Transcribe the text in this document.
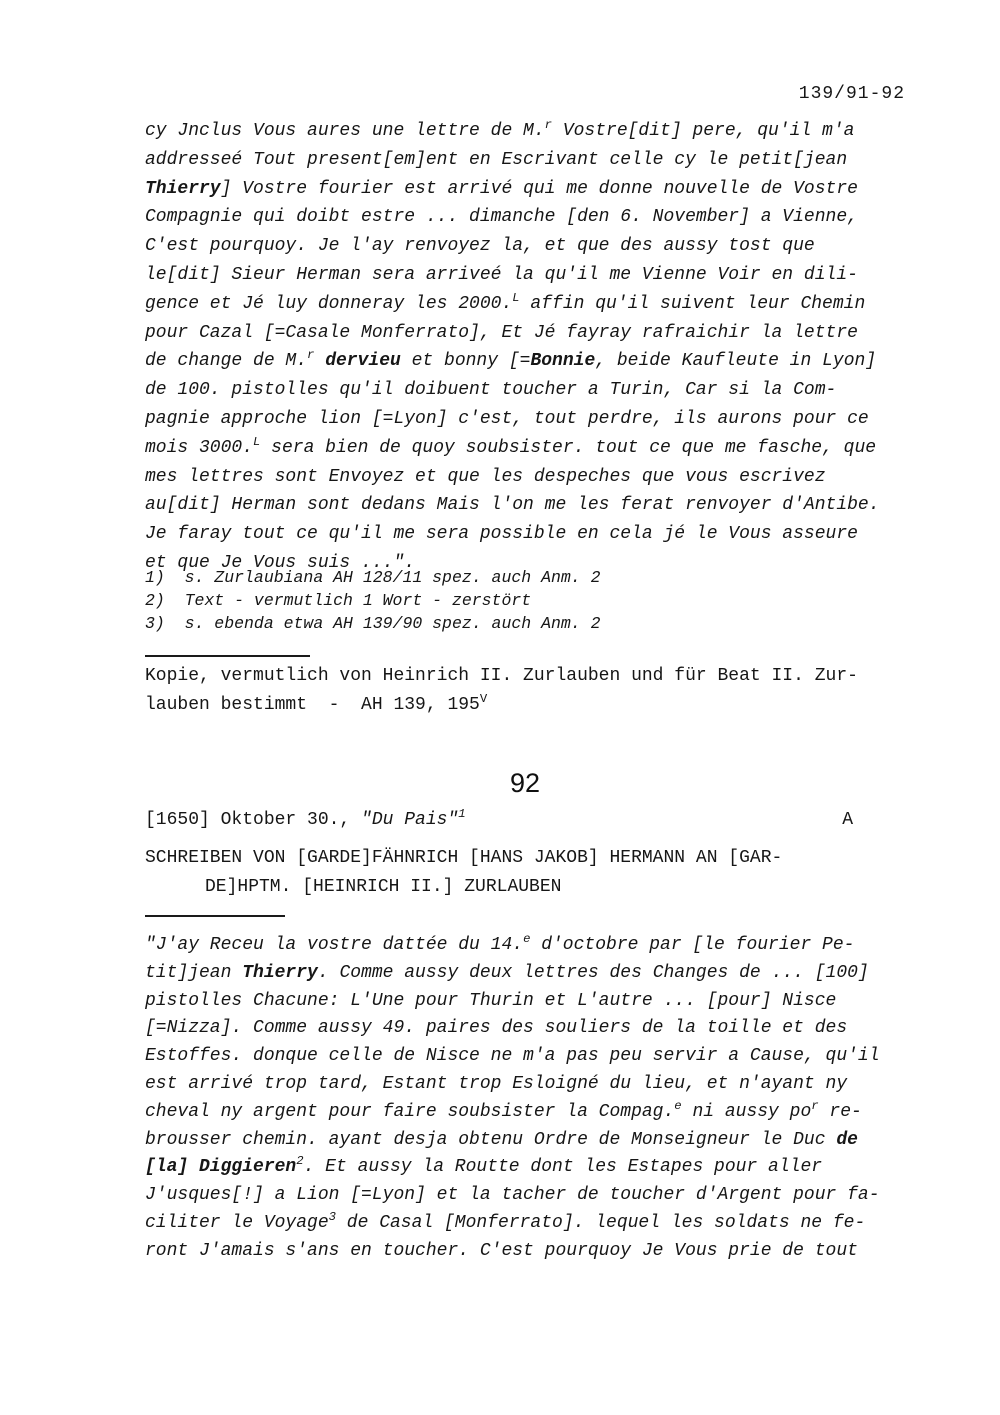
139/91-92
cy Jnclus Vous aures une lettre de M.$^r$ Vostre[dit] pere, qu'il m'a
addresseé Tout present[em]ent en Escrivant celle cy le petit[jean
Thierry] Vostre fourier est arrivé qui me donne nouvelle de Vostre
Compagnie qui doibt estre ... dimanche [den 6. November] a Vienne,
C'est pourquoy. Je l'ay renvoyez la, et que des aussy tost que
le[dit] Sieur Herman sera arriveé la qu'il me Vienne Voir en dili-
gence et Jé luy donneray les 2000.$^L$ affin qu'il suivent leur Chemin
pour Cazal [=Casale Monferrato], Et Jé fayray rafraichir la lettre
de change de M.$^r$ dervieu et bonny [=Bonnie, beide Kaufleute in Lyon]
de 100. pistolles qu'il doibuent toucher a Turin, Car si la Com-
pagnie approche lion [=Lyon] c'est, tout perdre, ils aurons pour ce
mois 3000.$^L$ sera bien de quoy soubsister. tout ce que me fasche, que
mes lettres sont Envoyez et que les despeches que vous escrivez
au[dit] Herman sont dedans Mais l'on me les ferat renvoyer d'Antibe.
Je faray tout ce qu'il me sera possible en cela jé le Vous asseure
et que Je Vous suis ...".
1)  s. Zurlaubiana AH 128/11 spez. auch Anm. 2
2)  Text - vermutlich 1 Wort - zerstört
3)  s. ebenda etwa AH 139/90 spez. auch Anm. 2
Kopie, vermutlich von Heinrich II. Zurlauben und für Beat II. Zur-
lauben bestimmt  -  AH 139, $195^V$
92
[1650] Oktober 30., "Du Pais"$^1$	A
SCHREIBEN VON [GARDE]FÄHNRICH [HANS JAKOB] HERMANN AN [GAR-
DE]HPTM. [HEINRICH II.] ZURLAUBEN
"J'ay Receu la vostre dattée du 14.$^e$ d'octobre par [le fourier Pe-
tit]jean Thierry. Comme aussy deux lettres des Changes de ... [100]
pistolles Chacune: L'Une pour Thurin et L'autre ... [pour] Nisce
[=Nizza]. Comme aussy 49. paires des souliers de la toille et des
Estoffes. donque celle de Nisce ne m'a pas peu servir a Cause, qu'il
est arrivé trop tard, Estant trop Esloigné du lieu, et n'ayant ny
cheval ny argent pour faire soubsister la Compag.$^e$ ni aussy $po^r$ re-
brousser chemin. ayant desja obtenu Ordre de Monseigneur le Duc de
[la] Diggieren$^2$. Et aussy la Routte dont les Estapes pour aller
J'usques[!] a Lion [=Lyon] et la tacher de toucher d'Argent pour fa-
ciliter le Voyage$^3$ de Casal [Monferrato]. lequel les soldats ne fe-
ront J'amais s'ans en toucher. C'est pourquoy Je Vous prie de tout
